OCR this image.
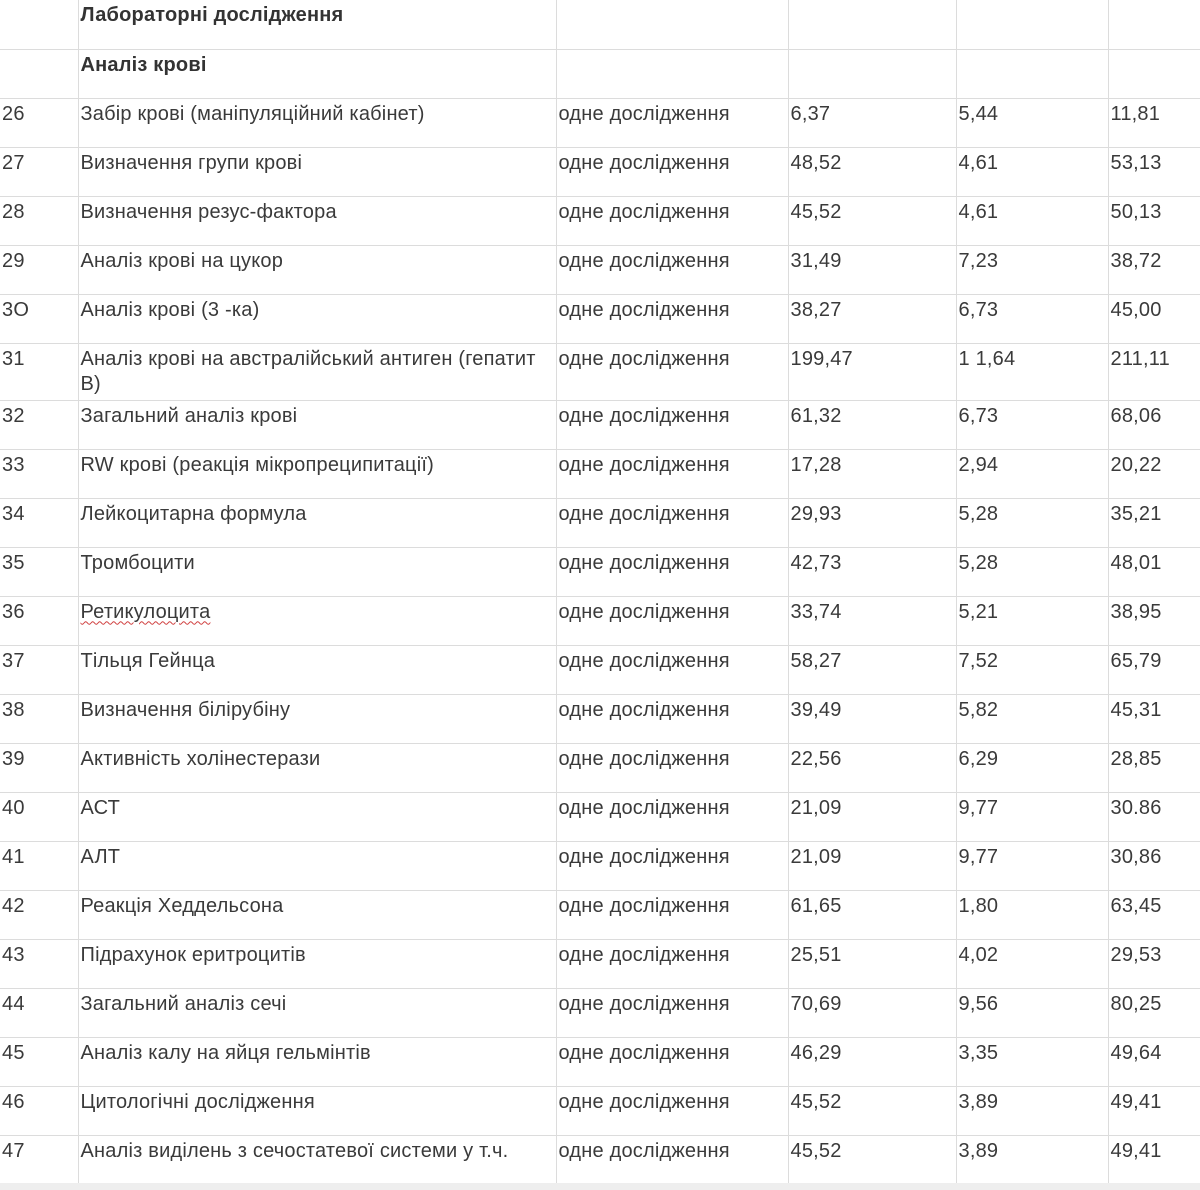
	Лабораторні дослідження				
	Аналіз крові				
26	Забір крові (маніпуляційний кабінет)	одне дослідження	6,37	5,44	11,81
27	Визначення групи крові	одне дослідження	48,52	4,61	53,13
28	Визначення резус-фактора	одне дослідження	45,52	4,61	50,13
29	Аналіз крові на цукор	одне дослідження	31,49	7,23	38,72
3О	Аналіз крові (3 -ка)	одне дослідження	38,27	6,73	45,00
31	Аналіз крові на австралійський антиген (гепатит В)	одне дослідження	199,47	1 1,64	211,11
32	Загальний аналіз крові	одне дослідження	61,32	6,73	68,06
33	RW крові (реакція мікропреципитації)	одне дослідження	17,28	2,94	20,22
34	Лейкоцитарна формула	одне дослідження	29,93	5,28	35,21
35	Тромбоцити	одне дослідження	42,73	5,28	48,01
36	Ретикулоцита	одне дослідження	33,74	5,21	38,95
37	Тільця Гейнца	одне дослідження	58,27	7,52	65,79
38	Визначення білірубіну	одне дослідження	39,49	5,82	45,31
39	Активність холінестерази	одне дослідження	22,56	6,29	28,85
40	АСТ	одне дослідження	21,09	9,77	30.86
41	АЛТ	одне дослідження	21,09	9,77	30,86
42	Реакція Хеддельсона	одне дослідження	61,65	1,80	63,45
43	Підрахунок еритроцитів	одне дослідження	25,51	4,02	29,53
44	Загальний аналіз сечі	одне дослідження	70,69	9,56	80,25
45	Аналіз калу на яйця гельмінтів	одне дослідження	46,29	3,35	49,64
46	Цитологічні дослідження	одне дослідження	45,52	3,89	49,41
47	Аналіз виділень з сечостатевої системи у т.ч.	одне дослідження	45,52	3,89	49,41
